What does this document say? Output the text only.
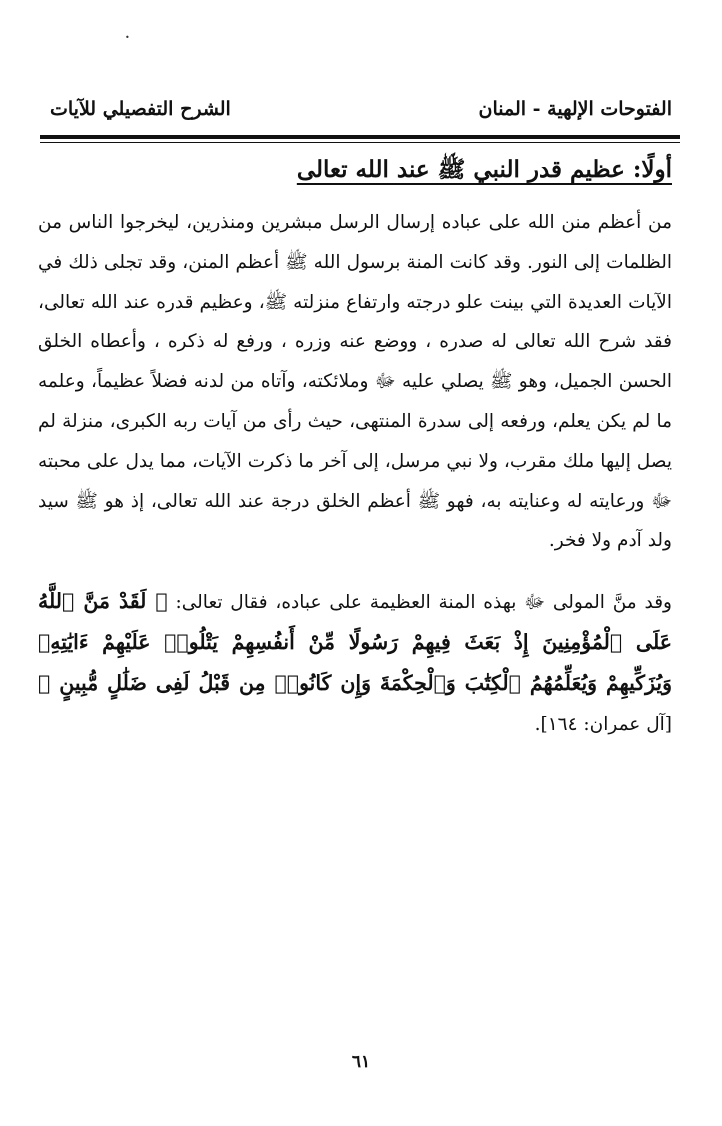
•
الفتوحات الإلهية - المنان
الشرح التفصيلي للآيات
أولًا: عظيم قدر النبي ﷺ عند الله تعالى

من أعظم منن الله على عباده إرسال الرسل مبشرين ومنذرين، ليخرجوا الناس من الظلمات إلى النور. وقد كانت المنة برسول الله ﷺ أعظم المنن، وقد تجلى ذلك في الآيات العديدة التي بينت علو درجته وارتفاع منزلته ﷺ، وعظيم قدره عند الله تعالى، فقد شرح الله تعالى له صدره ، ووضع عنه وزره ، ورفع له ذكره ، وأعطاه الخلق الحسن الجميل، وهو ﷺ يصلي عليه ﷻ وملائكته، وآتاه من لدنه فضلاً عظيماً، وعلمه ما لم يكن يعلم، ورفعه إلى سدرة المنتهى، حيث رأى من آيات ربه الكبرى، منزلة لم يصل إليها ملك مقرب، ولا نبي مرسل، إلى آخر ما ذكرت الآيات، مما يدل على محبته ﷻ ورعايته له وعنايته به، فهو ﷺ أعظم الخلق درجة عند الله تعالى، إذ هو ﷺ سيد ولد آدم ولا فخر.

وقد منَّ المولى ﷻ بهذه المنة العظيمة على عباده، فقال تعالى: ﴿ لَقَدْ مَنَّ ٱللَّهُ عَلَى ٱلْمُؤْمِنِينَ إِذْ بَعَثَ فِيهِمْ رَسُولًا مِّنْ أَنفُسِهِمْ يَتْلُوا۟ عَلَيْهِمْ ءَايَٰتِهِۦ وَيُزَكِّيهِمْ وَيُعَلِّمُهُمُ ٱلْكِتَٰبَ وَٱلْحِكْمَةَ وَإِن كَانُوا۟ مِن قَبْلُ لَفِى ضَلَٰلٍ مُّبِينٍ ﴾ [آل عمران: ١٦٤].

٦١
